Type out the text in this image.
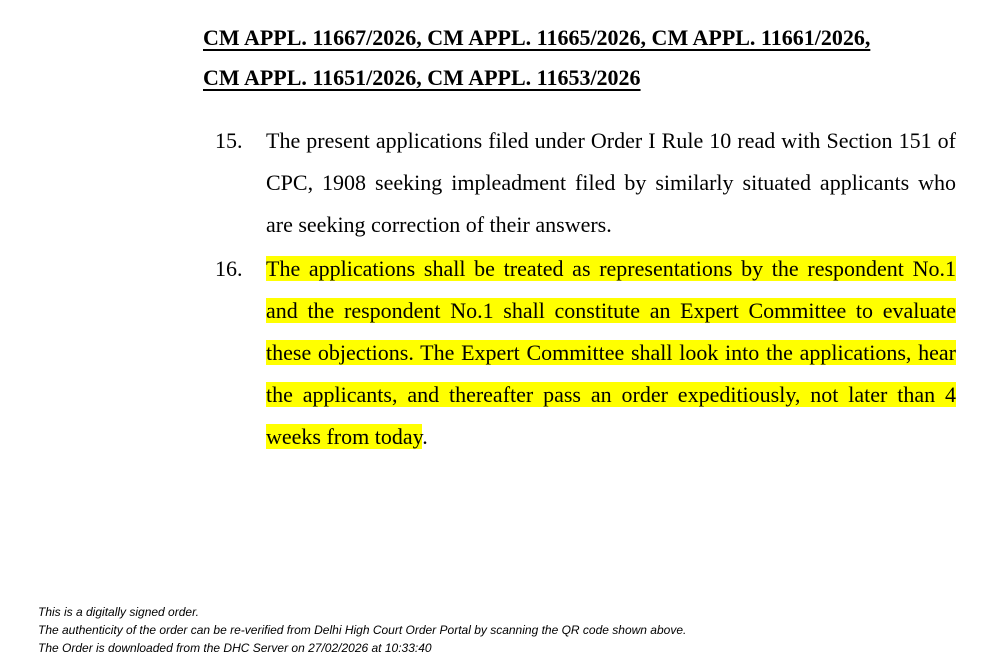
CM APPL. 11667/2026, CM APPL. 11665/2026, CM APPL. 11661/2026,
CM APPL. 11651/2026, CM APPL. 11653/2026
15.	The present applications filed under Order I Rule 10 read with Section 151 of CPC, 1908 seeking impleadment filed by similarly situated applicants who are seeking correction of their answers.
16.	The applications shall be treated as representations by the respondent No.1 and the respondent No.1 shall constitute an Expert Committee to evaluate these objections. The Expert Committee shall look into the applications, hear the applicants, and thereafter pass an order expeditiously, not later than 4 weeks from today.
This is a digitally signed order.
The authenticity of the order can be re-verified from Delhi High Court Order Portal by scanning the QR code shown above.
The Order is downloaded from the DHC Server on 27/02/2026 at 10:33:40
